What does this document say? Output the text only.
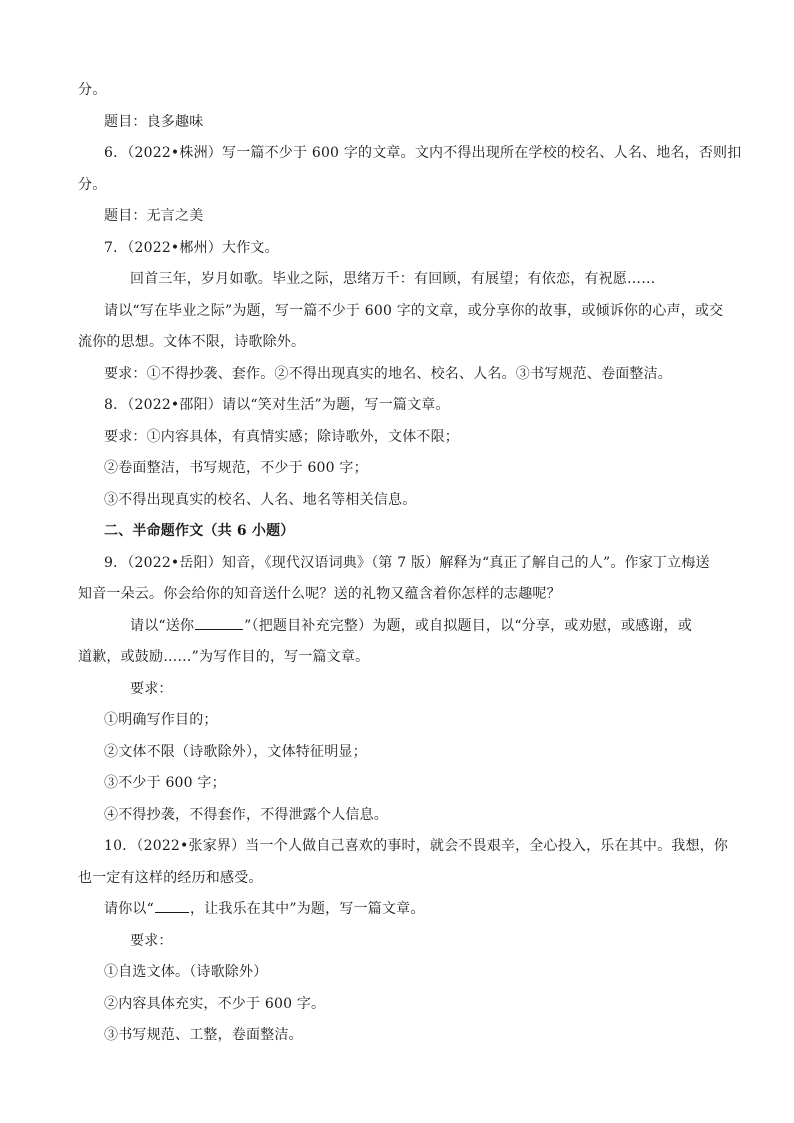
分。
题目：良多趣味
6．（2022•株洲）写一篇不少于 600 字的文章。文内不得出现所在学校的校名、人名、地名，否则扣
分。
题目：无言之美
7．（2022•郴州）大作文。
回首三年，岁月如歌。毕业之际，思绪万千：有回顾，有展望；有依恋，有祝愿……
请以“写在毕业之际”为题，写一篇不少于 600 字的文章，或分享你的故事，或倾诉你的心声，或交
流你的思想。文体不限，诗歌除外。
要求：①不得抄袭、套作。②不得出现真实的地名、校名、人名。③书写规范、卷面整洁。
8．（2022•邵阳）请以“笑对生活”为题，写一篇文章。
要求：①内容具体，有真情实感；除诗歌外，文体不限；
②卷面整洁，书写规范，不少于 600 字；
③不得出现真实的校名、人名、地名等相关信息。
二、半命题作文（共 6 小题）
9．（2022•岳阳）知音，《现代汉语词典》（第 7 版）解释为“真正了解自己的人”。作家丁立梅送
知音一朵云。你会给你的知音送什么呢？送的礼物又蕴含着你怎样的志趣呢？
请以“送你	”（把题目补充完整）为题，或自拟题目，以“分享，或劝慰，或感谢，或
道歉，或鼓励……”为写作目的，写一篇文章。
要求：
①明确写作目的；
②文体不限（诗歌除外），文体特征明显；
③不少于 600 字；
④不得抄袭，不得套作，不得泄露个人信息。
10．（2022•张家界）当一个人做自己喜欢的事时，就会不畏艰辛，全心投入，乐在其中。我想，你
也一定有这样的经历和感受。
请你以“	，让我乐在其中”为题，写一篇文章。
要求：
①自选文体。（诗歌除外）
②内容具体充实，不少于 600 字。
③书写规范、工整，卷面整洁。
